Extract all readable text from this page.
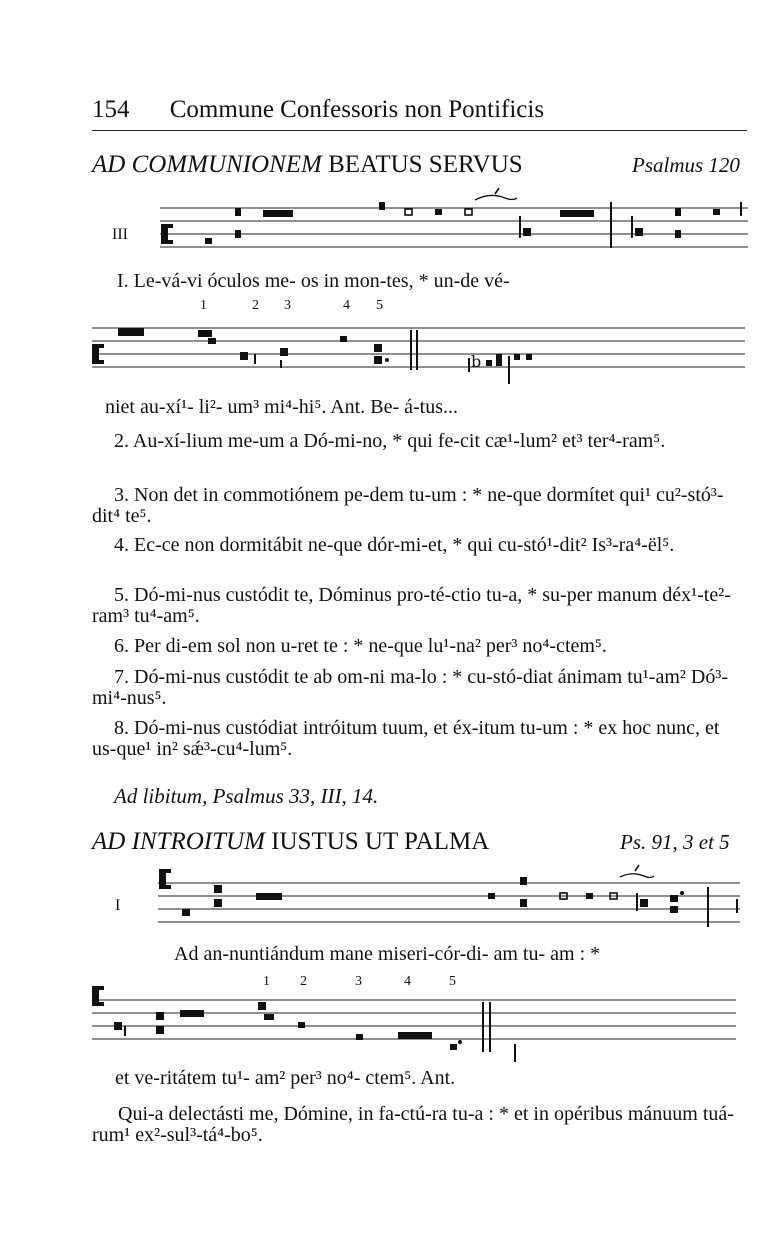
154 Commune Confessoris non Pontificis
AD COMMUNIONEM BEATUS SERVUS	Psalmus 120
III
I. Le-vá-vi óculos me- os in mon-tes, * un-de vé-
1	2 3	4 5
b
niet au-xí¹- li²- um³ mi⁴-hi⁵. Ant. Be- á-tus...
2. Au-xí-lium me-um a Dó-mi-no, * qui fe-cit cæ¹-lum² et³ ter⁴-ram⁵.
3. Non det in commotiónem pe-dem tu-um : * ne-que dormítet qui¹ cu²-stó³-dit⁴ te⁵.
4. Ec-ce non dormitábit ne-que dór-mi-et, * qui cu-stó¹-dit² Is³-ra⁴-ël⁵.
5. Dó-mi-nus custódit te, Dóminus pro-té-ctio tu-a, * su-per manum déx¹-te²-ram³ tu⁴-am⁵.
6. Per di-em sol non u-ret te : * ne-que lu¹-na² per³ no⁴-ctem⁵.
7. Dó-mi-nus custódit te ab om-ni ma-lo : * cu-stó-diat ánimam tu¹-am² Dó³-mi⁴-nus⁵.
8. Dó-mi-nus custódiat intróitum tuum, et éx-itum tu-um : * ex hoc nunc, et us-que¹ in² sǽ³-cu⁴-lum⁵.
Ad libitum, Psalmus 33, III, 14.
AD INTROITUM IUSTUS UT PALMA	Ps. 91, 3 et 5
I
Ad an-nuntiándum mane miseri-cór-di- am tu- am : *
1 2	3	4	5
et ve-ritátem tu¹- am² per³ no⁴- ctem⁵. Ant.
Qui-a delectásti me, Dómine, in fa-ctú-ra tu-a : * et in opéribus mánuum tuá-rum¹ ex²-sul³-tá⁴-bo⁵.
